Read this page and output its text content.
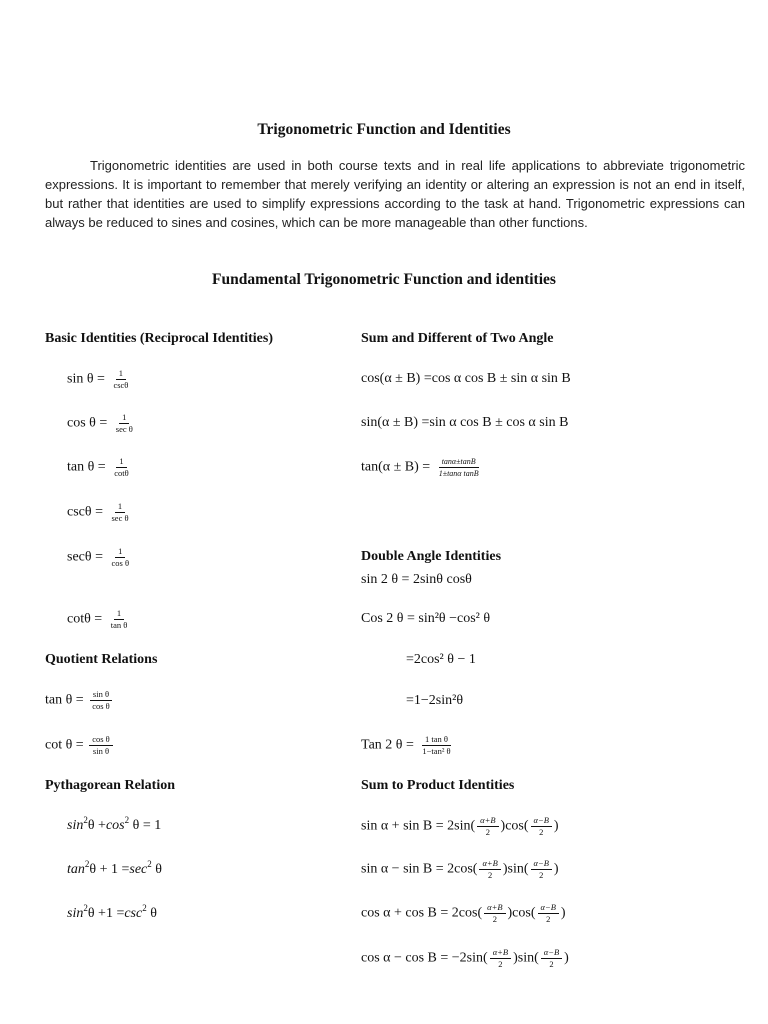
Trigonometric Function and Identities
Trigonometric identities are used in both course texts and in real life applications to abbreviate trigonometric expressions. It is important to remember that merely verifying an identity or altering an expression is not an end in itself, but rather that identities are used to simplify expressions according to the task at hand. Trigonometric expressions can always be reduced to sines and cosines, which can be more manageable than other functions.
Fundamental Trigonometric Function and identities
Basic Identities (Reciprocal Identities)
$\sin \theta = \frac{1}{\csc\theta}$
$\cos \theta = \frac{1}{\text{sec θ}}$
$\tan \theta = \frac{1}{\cot\theta}$
$\csc\theta = \frac{1}{\text{sec θ}}$
$\sec\theta = \frac{1}{\text{cos θ}}$
$\cot\theta = \frac{1}{\text{tan θ}}$
Quotient Relations
$\tan \theta = \frac{\text{sin θ}}{\text{cos θ}}$
$\cot \theta = \frac{\text{cos θ}}{\text{sin θ}}$
Pythagorean Relation
$\sin^2\theta +\cos^2$ θ = 1
$\tan^2\theta + 1 =\sec^2$ θ
$\sin^2\theta +1 =\csc^2$ θ
Sum and Different of Two Angle
cos(α ± B) =cos α cos B ± sin α sin B
sin(α ± B) =sin α cos B ± cos α sin B
$\tan(\alpha \pm B) = \frac{\tan\alpha\pm\tan B}{\text{1±tanα tanB}}$
Double Angle Identities
sin 2 θ = 2sinθ cosθ
Cos 2 θ = sin²θ −cos² θ
=2cos² θ − 1
=1−2sin²θ
Tan 2 $\theta = \frac{\text{1 tan θ}}{\text{1−tan² θ}}$
Sum to Product Identities
$\sin \alpha + \sin B = 2\sin( \frac{\alpha+B}{2} )\cos( \frac{\alpha-B}{2}$ )
$\sin \alpha - \sin B = 2\cos( \frac{\alpha+B}{2} )\sin( \frac{\alpha-B}{2}$ )
$\cos \alpha + \cos B = 2\cos( \frac{\alpha+B}{2} )\cos( \frac{\alpha-B}{2}$ )
$\cos \alpha - \cos B = -2\sin( \frac{\alpha+B}{2} )\sin( \frac{\alpha-B}{2}$ )
